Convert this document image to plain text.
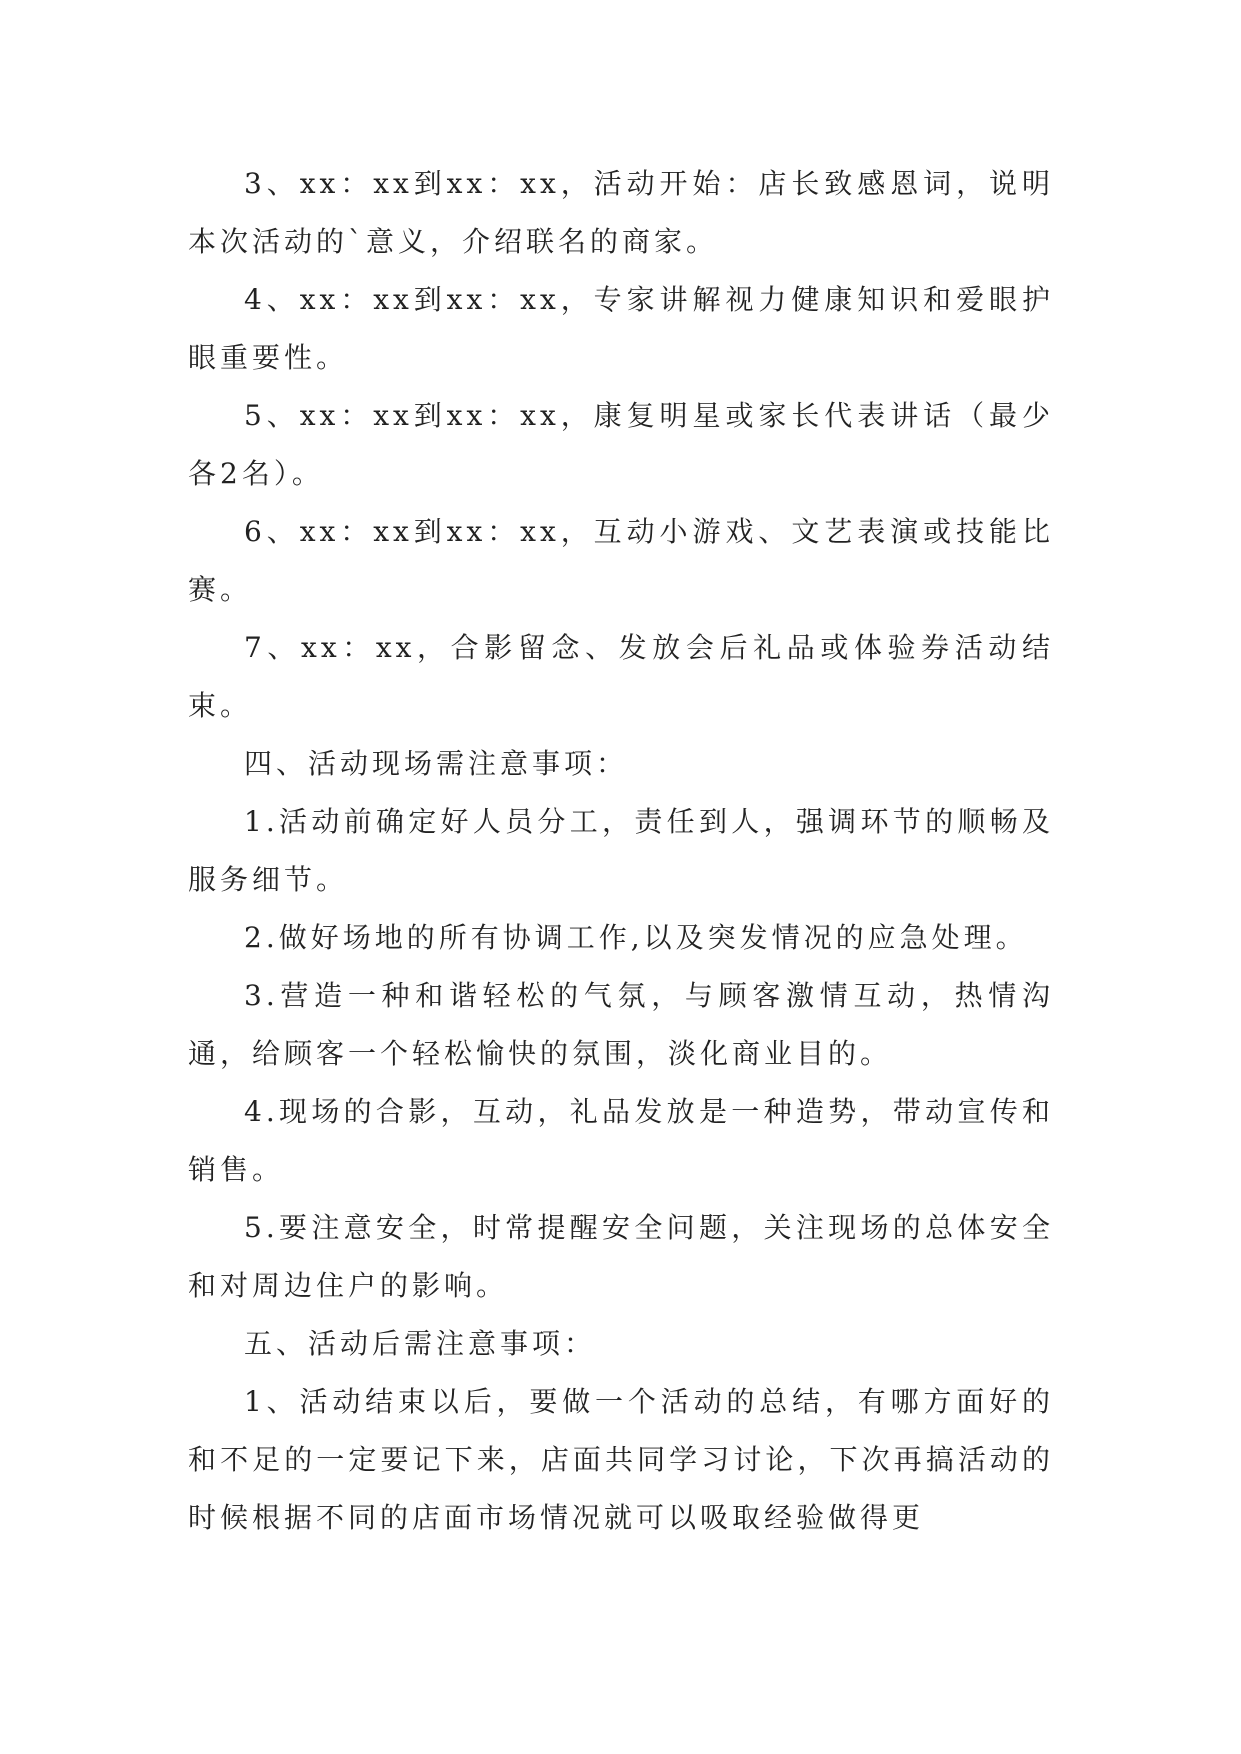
3、xx：xx到xx：xx，活动开始：店长致感恩词，说明本次活动的`意义，介绍联名的商家。

4、xx：xx到xx：xx，专家讲解视力健康知识和爱眼护眼重要性。

5、xx：xx到xx：xx，康复明星或家长代表讲话（最少各2名）。

6、xx：xx到xx：xx，互动小游戏、文艺表演或技能比赛。

7、xx：xx，合影留念、发放会后礼品或体验券活动结束。

四、活动现场需注意事项：

1.活动前确定好人员分工，责任到人，强调环节的顺畅及服务细节。

2.做好场地的所有协调工作,以及突发情况的应急处理。

3.营造一种和谐轻松的气氛，与顾客激情互动，热情沟通，给顾客一个轻松愉快的氛围，淡化商业目的。

4.现场的合影，互动，礼品发放是一种造势，带动宣传和销售。

5.要注意安全，时常提醒安全问题，关注现场的总体安全和对周边住户的影响。

五、活动后需注意事项：

1、活动结束以后，要做一个活动的总结，有哪方面好的和不足的一定要记下来，店面共同学习讨论，下次再搞活动的时候根据不同的店面市场情况就可以吸取经验做得更
